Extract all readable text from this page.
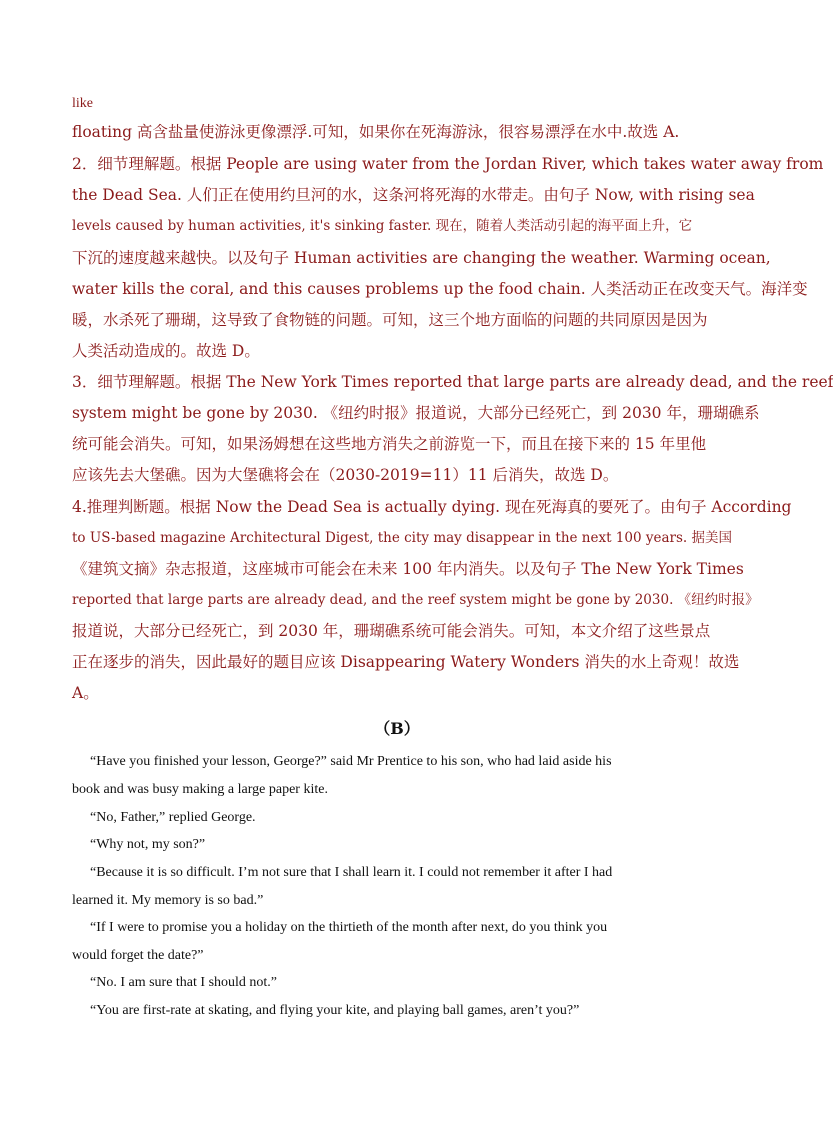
like
floating 高含盐量使游泳更像漂浮.可知，如果你在死海游泳，很容易漂浮在水中.故选 A.
2．细节理解题。根据 People are using water from the Jordan River, which takes water away from
the Dead Sea. 人们正在使用约旦河的水，这条河将死海的水带走。由句子 Now, with rising sea
levels caused by human activities, it's sinking faster. 现在，随着人类活动引起的海平面上升，它
下沉的速度越来越快。以及句子 Human activities are changing the weather. Warming ocean,
water kills the coral, and this causes problems up the food chain. 人类活动正在改变天气。海洋变
暖，水杀死了珊瑚，这导致了食物链的问题。可知，这三个地方面临的问题的共同原因是因为
人类活动造成的。故选 D。
3．细节理解题。根据 The New York Times reported that large parts are already dead, and the reef
system might be gone by 2030. 《纽约时报》报道说，大部分已经死亡，到 2030 年，珊瑚礁系
统可能会消失。可知，如果汤姆想在这些地方消失之前游览一下，而且在接下来的 15 年里他
应该先去大堡礁。因为大堡礁将会在（2030-2019=11）11 后消失，故选 D。
4.推理判断题。根据 Now the Dead Sea is actually dying. 现在死海真的要死了。由句子 According
to US-based magazine Architectural Digest, the city may disappear in the next 100 years. 据美国
《建筑文摘》杂志报道，这座城市可能会在未来 100 年内消失。以及句子 The New York Times
reported that large parts are already dead, and the reef system might be gone by 2030. 《纽约时报》
报道说，大部分已经死亡，到 2030 年，珊瑚礁系统可能会消失。可知，本文介绍了这些景点
正在逐步的消失，因此最好的题目应该 Disappearing Watery Wonders 消失的水上奇观！故选
A。
（B）
“Have you finished your lesson, George?” said Mr Prentice to his son, who had laid aside his
book and was busy making a large paper kite.
“No, Father,” replied George.
“Why not, my son?”
“Because it is so difficult. I’m not sure that I shall learn it. I could not remember it after I had
learned it. My memory is so bad.”
“If I were to promise you a holiday on the thirtieth of the month after next, do you think you
would forget the date?”
“No. I am sure that I should not.”
“You are first-rate at skating, and flying your kite, and playing ball games, aren’t you?”
